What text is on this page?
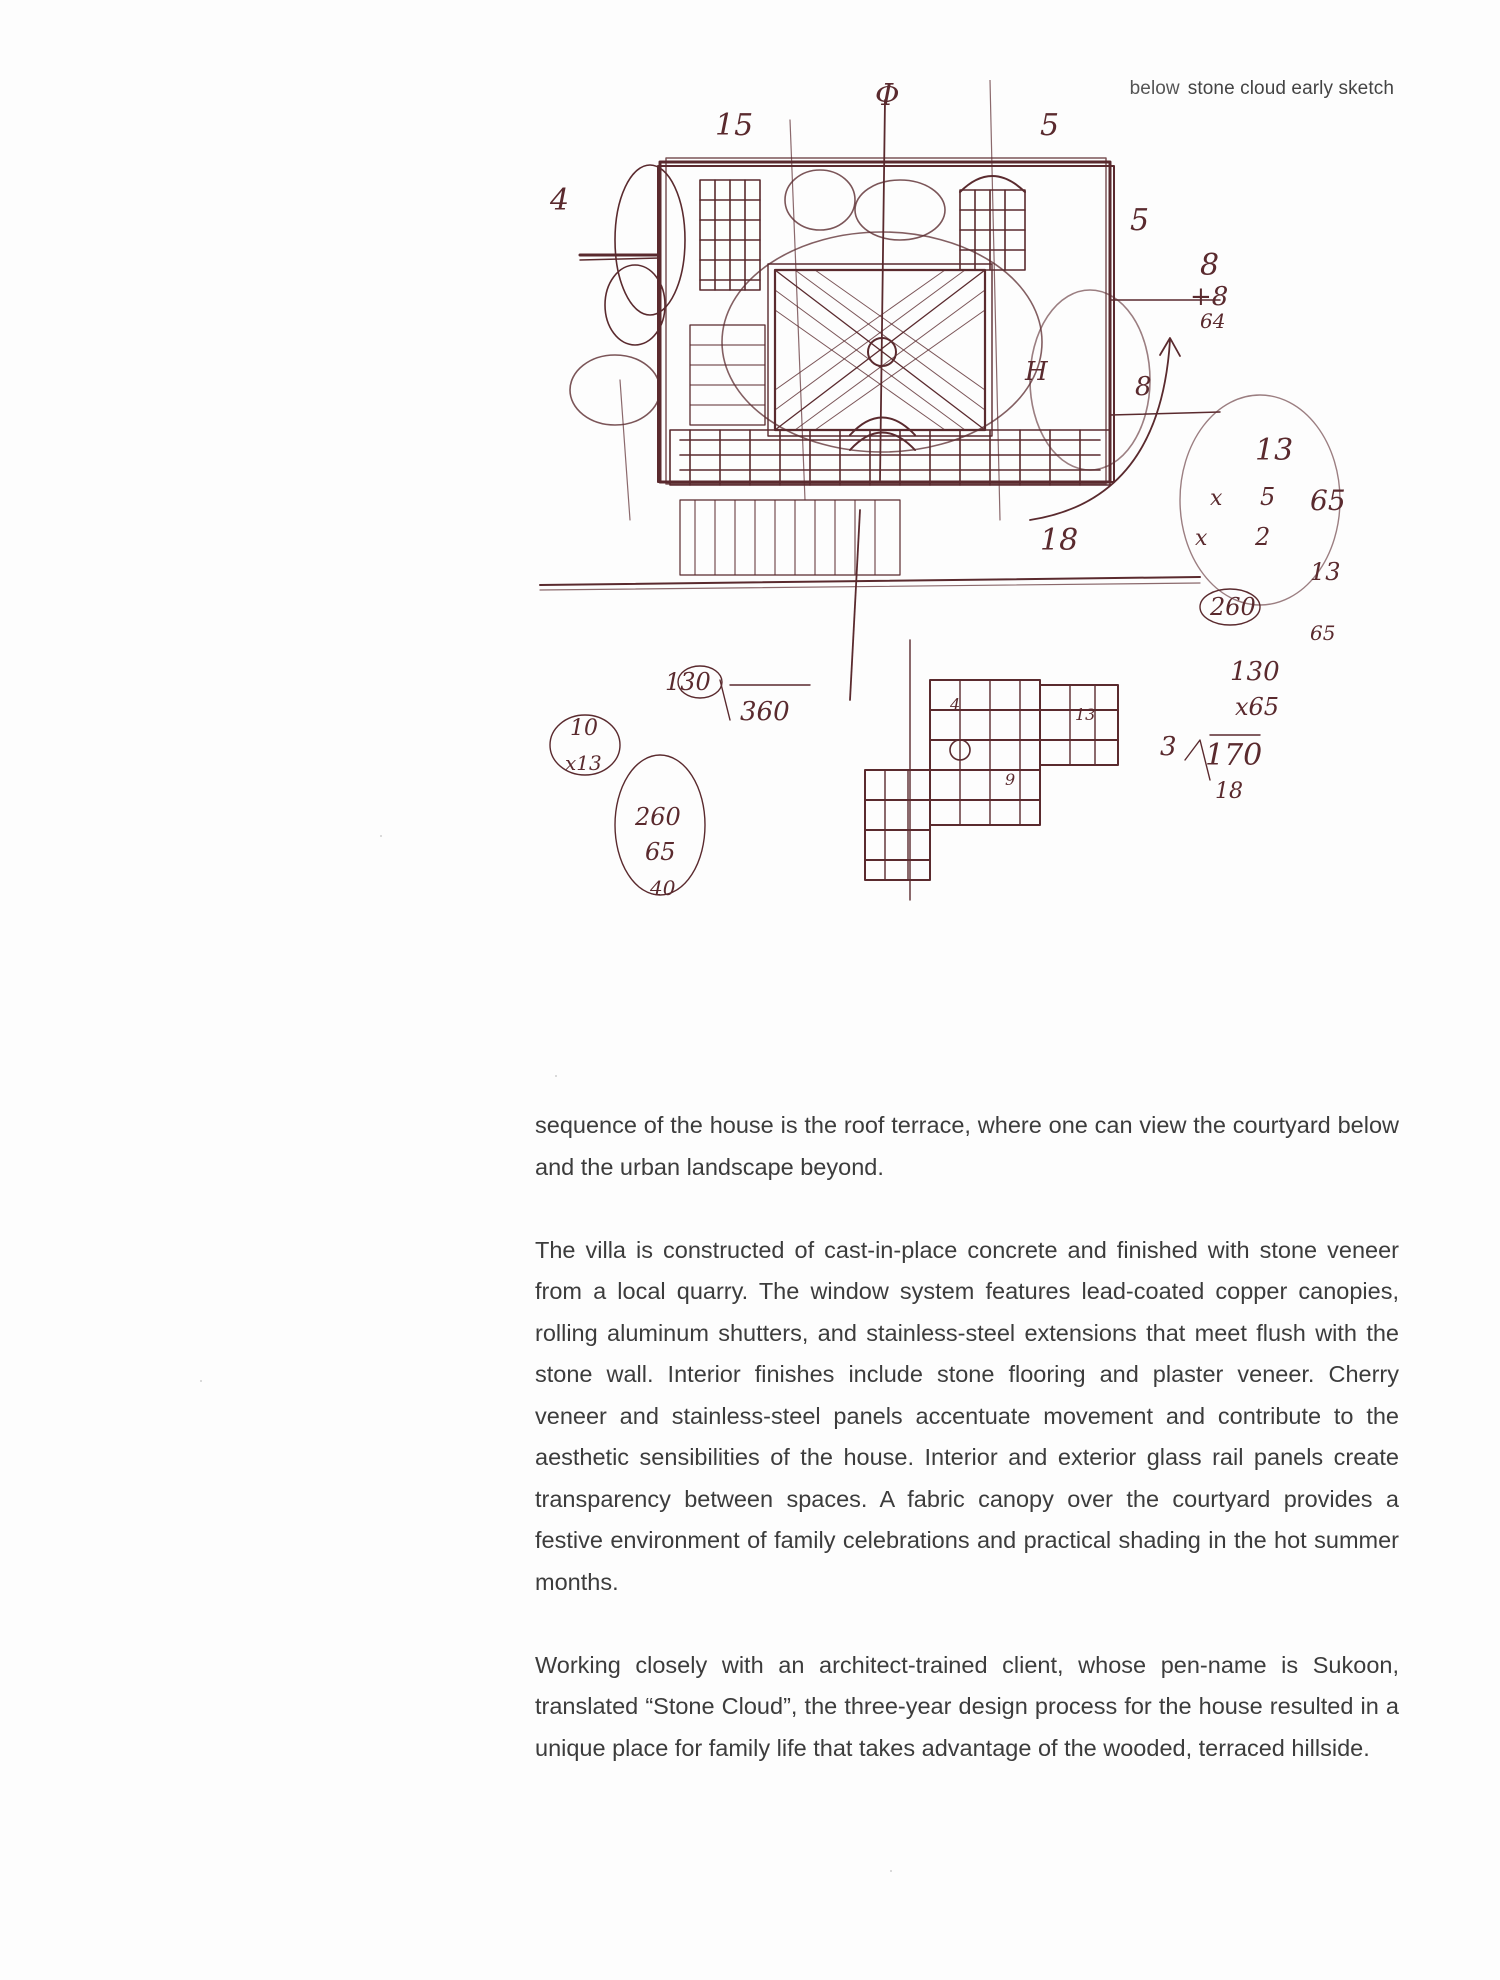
below stone cloud early sketch
15
Φ
5
4
5
8
+8
64
8
H
13
x 5 65
x 2
13
260
65
18
130
360
10
x13
260
65
40
130
x65
3 170
18
4
13
9

sequence of the house is the roof terrace, where one can view the courtyard below and the urban landscape beyond.

The villa is constructed of cast-in-place concrete and finished with stone veneer from a local quarry. The window system features lead-coated copper canopies, rolling aluminum shutters, and stainless-steel extensions that meet flush with the stone wall. Interior finishes include stone flooring and plaster veneer. Cherry veneer and stainless-steel panels accentuate movement and contribute to the aesthetic sensibilities of the house. Interior and exterior glass rail panels create transparency between spaces. A fabric canopy over the courtyard provides a festive environment of family celebrations and practical shading in the hot summer months.

Working closely with an architect-trained client, whose pen-name is Sukoon, translated “Stone Cloud”, the three-year design process for the house resulted in a unique place for family life that takes advantage of the wooded, terraced hillside.
